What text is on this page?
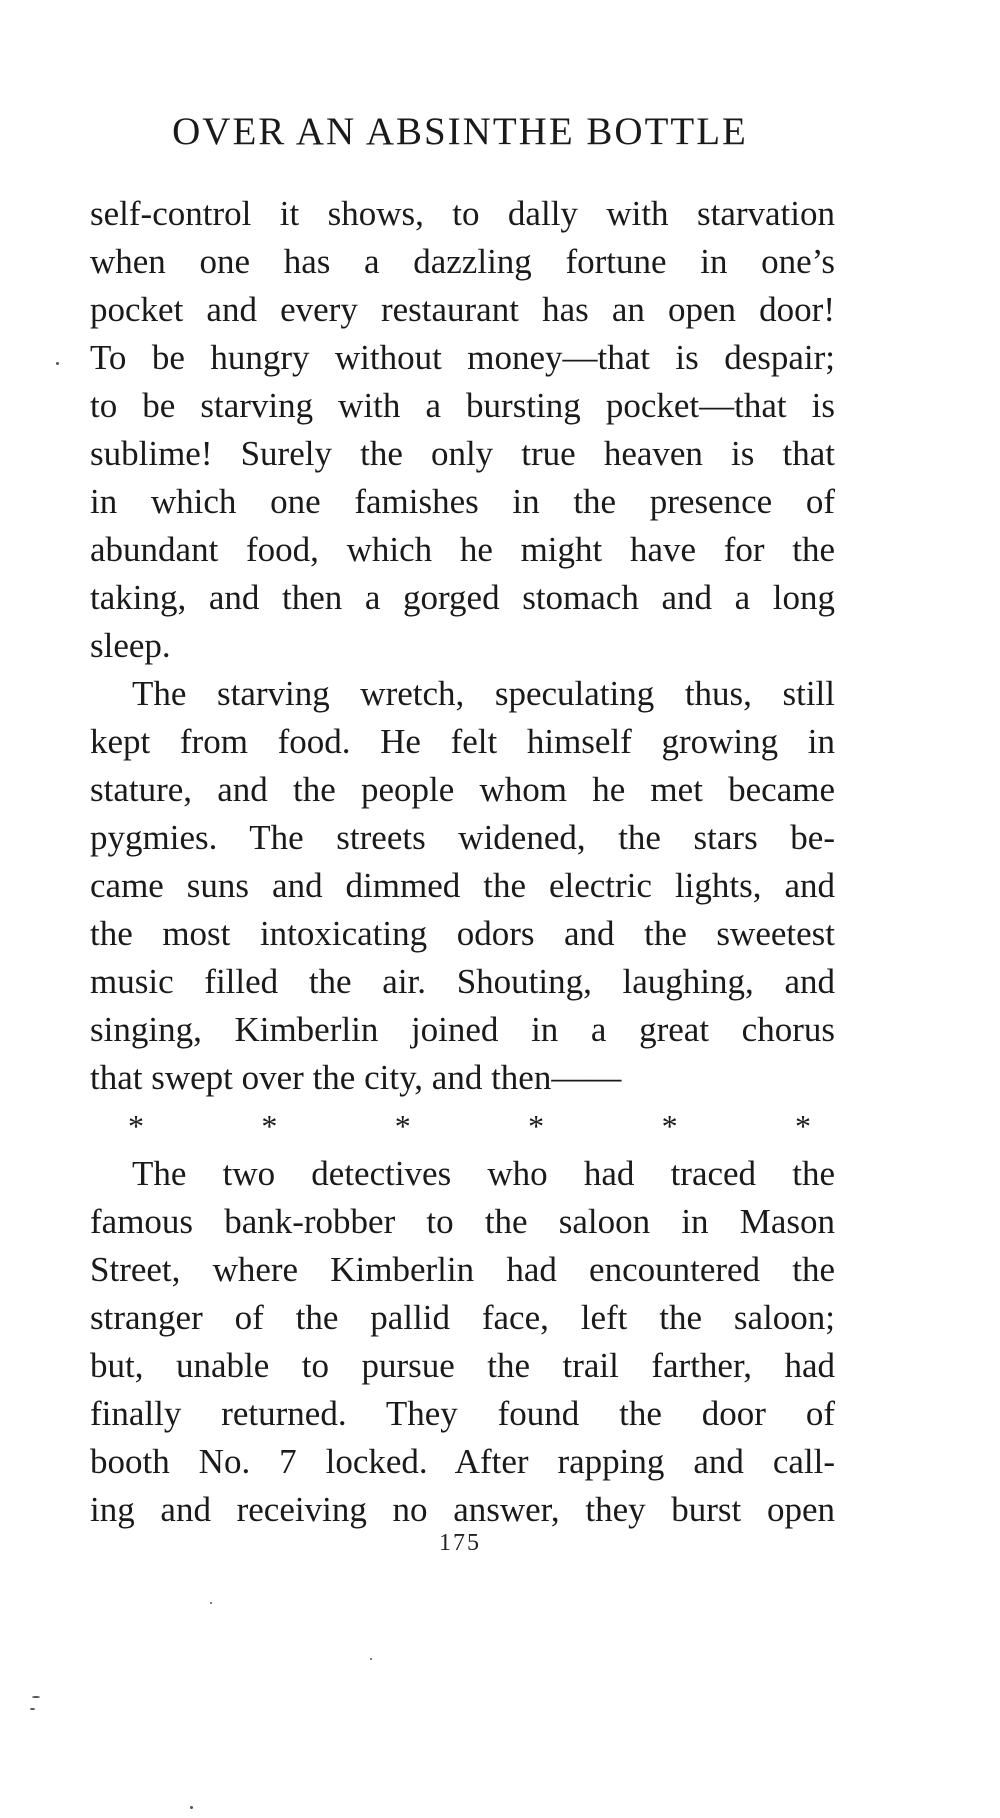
OVER AN ABSINTHE BOTTLE
self-control it shows, to dally with starvation
when one has a dazzling fortune in one’s
pocket and every restaurant has an open door!
To be hungry without money—that is despair;
to be starving with a bursting pocket—that is
sublime! Surely the only true heaven is that
in which one famishes in the presence of
abundant food, which he might have for the
taking, and then a gorged stomach and a long
sleep.
The starving wretch, speculating thus, still
kept from food. He felt himself growing in
stature, and the people whom he met became
pygmies. The streets widened, the stars be-
came suns and dimmed the electric lights, and
the most intoxicating odors and the sweetest
music filled the air. Shouting, laughing, and
singing, Kimberlin joined in a great chorus
that swept over the city, and then——
*	*	*	*	*	*
The two detectives who had traced the
famous bank-robber to the saloon in Mason
Street, where Kimberlin had encountered the
stranger of the pallid face, left the saloon;
but, unable to pursue the trail farther, had
finally returned. They found the door of
booth No. 7 locked. After rapping and call-
ing and receiving no answer, they burst open
175
